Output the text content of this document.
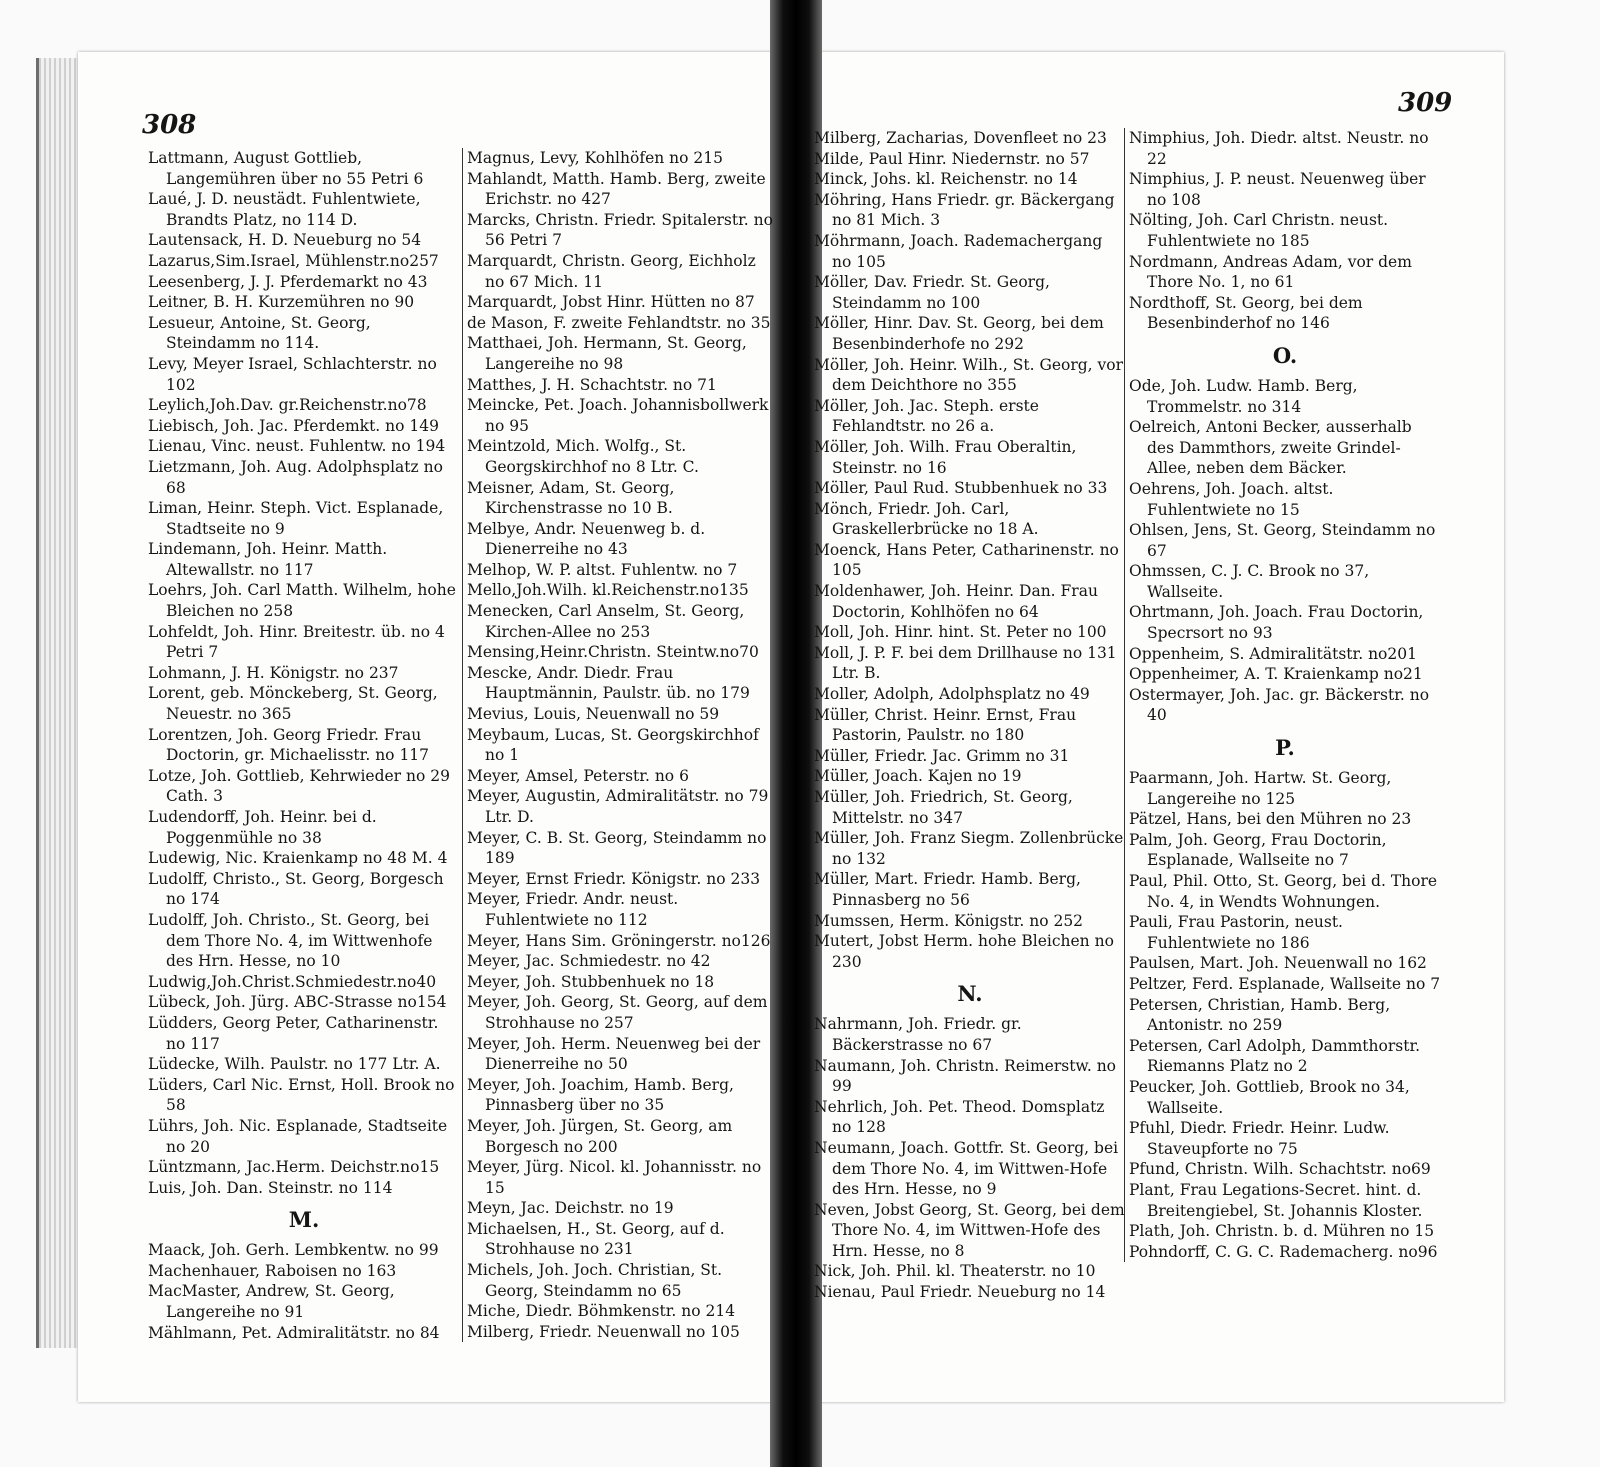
308
309
Lattmann, August Gottlieb, Langemühren über no 55 Petri 6
Laué, J. D. neustädt. Fuhlentwiete, Brandts Platz, no 114 D.
Lautensack, H. D. Neueburg no 54
Lazarus,Sim.Israel, Mühlenstr.no257
Leesenberg, J. J. Pferdemarkt no 43
Leitner, B. H. Kurzemühren no 90
Lesueur, Antoine, St. Georg, Steindamm no 114.
Levy, Meyer Israel, Schlachterstr. no 102
Leylich,Joh.Dav. gr.Reichenstr.no78
Liebisch, Joh. Jac. Pferdemkt. no 149
Lienau, Vinc. neust. Fuhlentw. no 194
Lietzmann, Joh. Aug. Adolphsplatz no 68
Liman, Heinr. Steph. Vict. Esplanade, Stadtseite no 9
Lindemann, Joh. Heinr. Matth. Altewallstr. no 117
Loehrs, Joh. Carl Matth. Wilhelm, hohe Bleichen no 258
Lohfeldt, Joh. Hinr. Breitestr. üb. no 4 Petri 7
Lohmann, J. H. Königstr. no 237
Lorent, geb. Mönckeberg, St. Georg, Neuestr. no 365
Lorentzen, Joh. Georg Friedr. Frau Doctorin, gr. Michaelisstr. no 117
Lotze, Joh. Gottlieb, Kehrwieder no 29 Cath. 3
Ludendorff, Joh. Heinr. bei d. Poggenmühle no 38
Ludewig, Nic. Kraienkamp no 48 M. 4
Ludolff, Christo., St. Georg, Borgesch no 174
Ludolff, Joh. Christo., St. Georg, bei dem Thore No. 4, im Wittwenhofe des Hrn. Hesse, no 10
Ludwig,Joh.Christ.Schmiedestr.no40
Lübeck, Joh. Jürg. ABC-Strasse no154
Lüdders, Georg Peter, Catharinenstr. no 117
Lüdecke, Wilh. Paulstr. no 177 Ltr. A.
Lüders, Carl Nic. Ernst, Holl. Brook no 58
Lührs, Joh. Nic. Esplanade, Stadtseite no 20
Lüntzmann, Jac.Herm. Deichstr.no15
Luis, Joh. Dan. Steinstr. no 114
M.
Maack, Joh. Gerh. Lembkentw. no 99
Machenhauer, Raboisen no 163
MacMaster, Andrew, St. Georg, Langereihe no 91
Mählmann, Pet. Admiralitätstr. no 84
Magnus, Levy, Kohlhöfen no 215
Mahlandt, Matth. Hamb. Berg, zweite Erichstr. no 427
Marcks, Christn. Friedr. Spitalerstr. no 56 Petri 7
Marquardt, Christn. Georg, Eichholz no 67 Mich. 11
Marquardt, Jobst Hinr. Hütten no 87
de Mason, F. zweite Fehlandtstr. no 35
Matthaei, Joh. Hermann, St. Georg, Langereihe no 98
Matthes, J. H. Schachtstr. no 71
Meincke, Pet. Joach. Johannisbollwerk no 95
Meintzold, Mich. Wolfg., St. Georgskirchhof no 8 Ltr. C.
Meisner, Adam, St. Georg, Kirchenstrasse no 10 B.
Melbye, Andr. Neuenweg b. d. Dienerreihe no 43
Melhop, W. P. altst. Fuhlentw. no 7
Mello,Joh.Wilh. kl.Reichenstr.no135
Menecken, Carl Anselm, St. Georg, Kirchen-Allee no 253
Mensing,Heinr.Christn. Steintw.no70
Mescke, Andr. Diedr. Frau Hauptmännin, Paulstr. üb. no 179
Mevius, Louis, Neuenwall no 59
Meybaum, Lucas, St. Georgskirchhof no 1
Meyer, Amsel, Peterstr. no 6
Meyer, Augustin, Admiralitätstr. no 79 Ltr. D.
Meyer, C. B. St. Georg, Steindamm no 189
Meyer, Ernst Friedr. Königstr. no 233
Meyer, Friedr. Andr. neust. Fuhlentwiete no 112
Meyer, Hans Sim. Gröningerstr. no126
Meyer, Jac. Schmiedestr. no 42
Meyer, Joh. Stubbenhuek no 18
Meyer, Joh. Georg, St. Georg, auf dem Strohhause no 257
Meyer, Joh. Herm. Neuenweg bei der Dienerreihe no 50
Meyer, Joh. Joachim, Hamb. Berg, Pinnasberg über no 35
Meyer, Joh. Jürgen, St. Georg, am Borgesch no 200
Meyer, Jürg. Nicol. kl. Johannisstr. no 15
Meyn, Jac. Deichstr. no 19
Michaelsen, H., St. Georg, auf d. Strohhause no 231
Michels, Joh. Joch. Christian, St. Georg, Steindamm no 65
Miche, Diedr. Böhmkenstr. no 214
Milberg, Friedr. Neuenwall no 105
Milberg, Zacharias, Dovenfleet no 23
Milde, Paul Hinr. Niedernstr. no 57
Minck, Johs. kl. Reichenstr. no 14
Möhring, Hans Friedr. gr. Bäckergang no 81 Mich. 3
Möhrmann, Joach. Rademachergang no 105
Möller, Dav. Friedr. St. Georg, Steindamm no 100
Möller, Hinr. Dav. St. Georg, bei dem Besenbinderhofe no 292
Möller, Joh. Heinr. Wilh., St. Georg, vor dem Deichthore no 355
Möller, Joh. Jac. Steph. erste Fehlandtstr. no 26 a.
Möller, Joh. Wilh. Frau Oberaltin, Steinstr. no 16
Möller, Paul Rud. Stubbenhuek no 33
Mönch, Friedr. Joh. Carl, Graskellerbrücke no 18 A.
Moenck, Hans Peter, Catharinenstr. no 105
Moldenhawer, Joh. Heinr. Dan. Frau Doctorin, Kohlhöfen no 64
Moll, Joh. Hinr. hint. St. Peter no 100
Moll, J. P. F. bei dem Drillhause no 131 Ltr. B.
Moller, Adolph, Adolphsplatz no 49
Müller, Christ. Heinr. Ernst, Frau Pastorin, Paulstr. no 180
Müller, Friedr. Jac. Grimm no 31
Müller, Joach. Kajen no 19
Müller, Joh. Friedrich, St. Georg, Mittelstr. no 347
Müller, Joh. Franz Siegm. Zollenbrücke no 132
Müller, Mart. Friedr. Hamb. Berg, Pinnasberg no 56
Mumssen, Herm. Königstr. no 252
Mutert, Jobst Herm. hohe Bleichen no 230
N.
Nahrmann, Joh. Friedr. gr. Bäckerstrasse no 67
Naumann, Joh. Christn. Reimerstw. no 99
Nehrlich, Joh. Pet. Theod. Domsplatz no 128
Neumann, Joach. Gottfr. St. Georg, bei dem Thore No. 4, im Wittwen-Hofe des Hrn. Hesse, no 9
Neven, Jobst Georg, St. Georg, bei dem Thore No. 4, im Wittwen-Hofe des Hrn. Hesse, no 8
Nick, Joh. Phil. kl. Theaterstr. no 10
Nienau, Paul Friedr. Neueburg no 14
Nimphius, Joh. Diedr. altst. Neustr. no 22
Nimphius, J. P. neust. Neuenweg über no 108
Nölting, Joh. Carl Christn. neust. Fuhlentwiete no 185
Nordmann, Andreas Adam, vor dem Thore No. 1, no 61
Nordthoff, St. Georg, bei dem Besenbinderhof no 146
O.
Ode, Joh. Ludw. Hamb. Berg, Trommelstr. no 314
Oelreich, Antoni Becker, ausserhalb des Dammthors, zweite Grindel-Allee, neben dem Bäcker.
Oehrens, Joh. Joach. altst. Fuhlentwiete no 15
Ohlsen, Jens, St. Georg, Steindamm no 67
Ohmssen, C. J. C. Brook no 37, Wallseite.
Ohrtmann, Joh. Joach. Frau Doctorin, Specrsort no 93
Oppenheim, S. Admiralitätstr. no201
Oppenheimer, A. T. Kraienkamp no21
Ostermayer, Joh. Jac. gr. Bäckerstr. no 40
P.
Paarmann, Joh. Hartw. St. Georg, Langereihe no 125
Pätzel, Hans, bei den Mühren no 23
Palm, Joh. Georg, Frau Doctorin, Esplanade, Wallseite no 7
Paul, Phil. Otto, St. Georg, bei d. Thore No. 4, in Wendts Wohnungen.
Pauli, Frau Pastorin, neust. Fuhlentwiete no 186
Paulsen, Mart. Joh. Neuenwall no 162
Peltzer, Ferd. Esplanade, Wallseite no 7
Petersen, Christian, Hamb. Berg, Antonistr. no 259
Petersen, Carl Adolph, Dammthorstr. Riemanns Platz no 2
Peucker, Joh. Gottlieb, Brook no 34, Wallseite.
Pfuhl, Diedr. Friedr. Heinr. Ludw. Staveupforte no 75
Pfund, Christn. Wilh. Schachtstr. no69
Plant, Frau Legations-Secret. hint. d. Breitengiebel, St. Johannis Kloster.
Plath, Joh. Christn. b. d. Mühren no 15
Pohndorff, C. G. C. Rademacherg. no96
